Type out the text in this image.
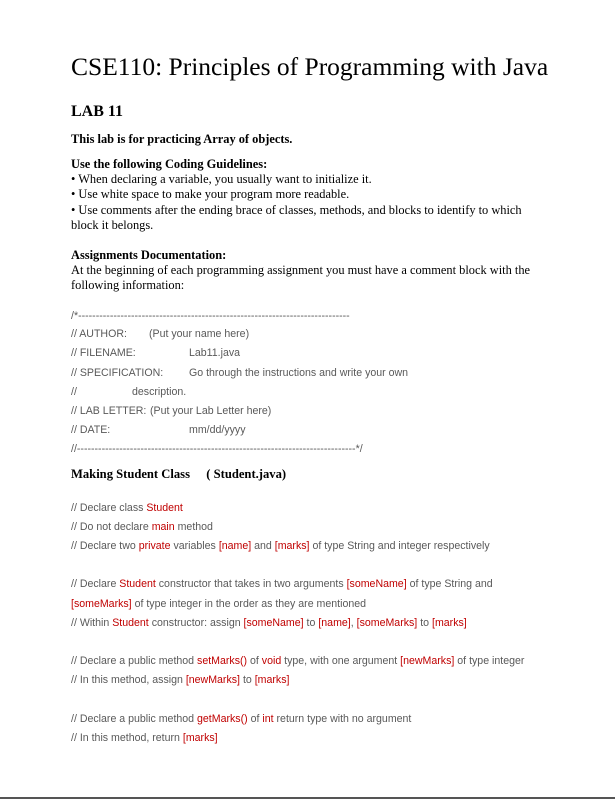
CSE110: Principles of Programming with Java
LAB 11
This lab is for practicing Array of objects.
Use the following Coding Guidelines:
• When declaring a variable, you usually want to initialize it.
• Use white space to make your program more readable.
• Use comments after the ending brace of classes, methods, and blocks to identify to which block it belongs.
Assignments Documentation:
At the beginning of each programming assignment you must have a comment block with the following information:
/*-----------------------------------------------------------------------------
// AUTHOR: (Put your name here)
// FILENAME:	Lab11.java
// SPECIFICATION: Go through the instructions and write your own
//	description.
// LAB LETTER: (Put your Lab Letter here)
// DATE:	mm/dd/yyyy
//-------------------------------------------------------------------------------*/
Making Student Class ( Student.java)
// Declare class Student
// Do not declare main method
// Declare two private variables [name] and [marks] of type String and integer respectively
// Declare Student constructor that takes in two arguments [someName] of type String and
[someMarks] of type integer in the order as they are mentioned
// Within Student constructor: assign [someName] to [name], [someMarks] to [marks]
// Declare a public method setMarks() of void type, with one argument [newMarks] of type integer
// In this method, assign [newMarks] to [marks]
// Declare a public method getMarks() of int return type with no argument
// In this method, return [marks]
